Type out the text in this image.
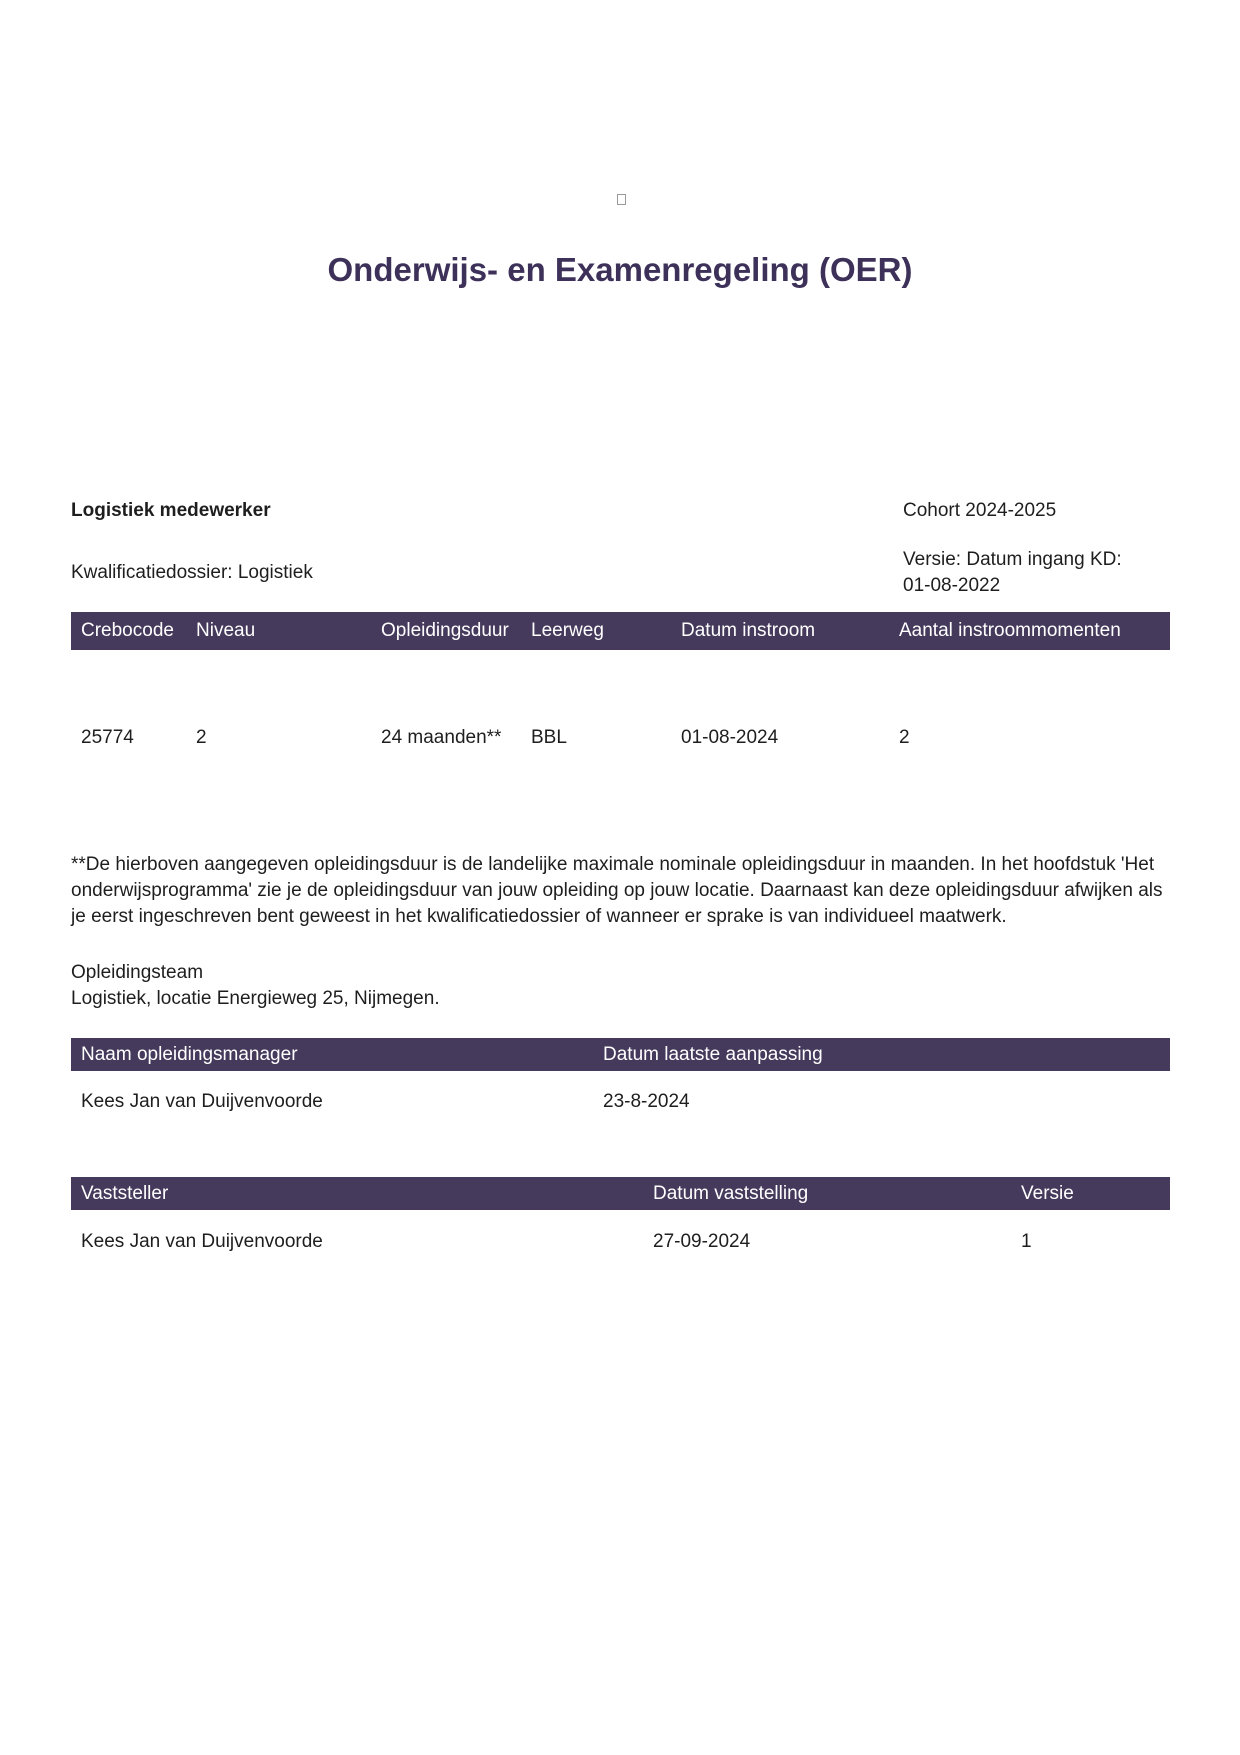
Onderwijs- en Examenregeling (OER)
Logistiek medewerker	Cohort 2024-2025
Kwalificatiedossier: Logistiek
Versie: Datum ingang KD:
01-08-2022
Crebocode	Niveau	Opleidingsduur	Leerweg	Datum instroom	Aantal instroommomenten
25774	2	24 maanden**	BBL	01-08-2024	2

**De hierboven aangegeven opleidingsduur is de landelijke maximale nominale opleidingsduur in maanden. In het hoofdstuk 'Het onderwijsprogramma' zie je de opleidingsduur van jouw opleiding op jouw locatie. Daarnaast kan deze opleidingsduur afwijken als je eerst ingeschreven bent geweest in het kwalificatiedossier of wanneer er sprake is van individueel maatwerk.

Opleidingsteam
Logistiek, locatie Energieweg 25, Nijmegen.
Naam opleidingsmanager	Datum laatste aanpassing
Kees Jan van Duijvenvoorde	23-8-2024
Vaststeller	Datum vaststelling	Versie
Kees Jan van Duijvenvoorde	27-09-2024	1
